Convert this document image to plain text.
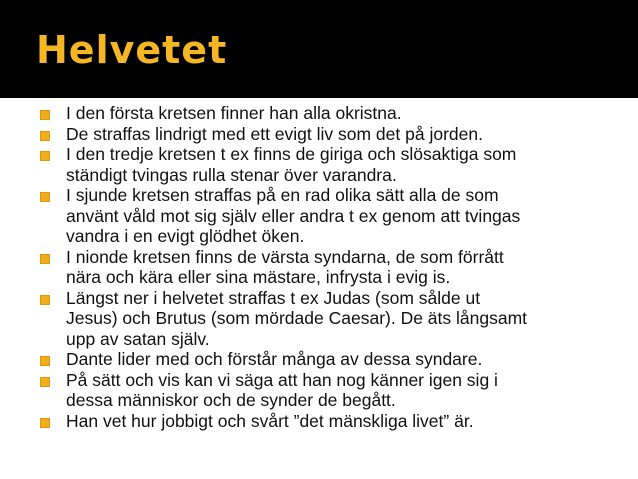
Helvetet
I den första kretsen finner han alla okristna.
De straffas lindrigt med ett evigt liv som det på jorden.
I den tredje kretsen t ex finns de giriga och slösaktiga som
ständigt tvingas rulla stenar över varandra.
I sjunde kretsen straffas på en rad olika sätt alla de som
använt våld mot sig själv eller andra t ex genom att tvingas
vandra i en evigt glödhet öken.
I nionde kretsen finns de värsta syndarna, de som förrått
nära och kära eller sina mästare, infrysta i evig is.
Längst ner i helvetet straffas t ex Judas (som sålde ut
Jesus) och Brutus (som mördade Caesar). De äts långsamt
upp av satan själv.
Dante lider med och förstår många av dessa syndare.
På sätt och vis kan vi säga att han nog känner igen sig i
dessa människor och de synder de begått.
Han vet hur jobbigt och svårt ”det mänskliga livet” är.
